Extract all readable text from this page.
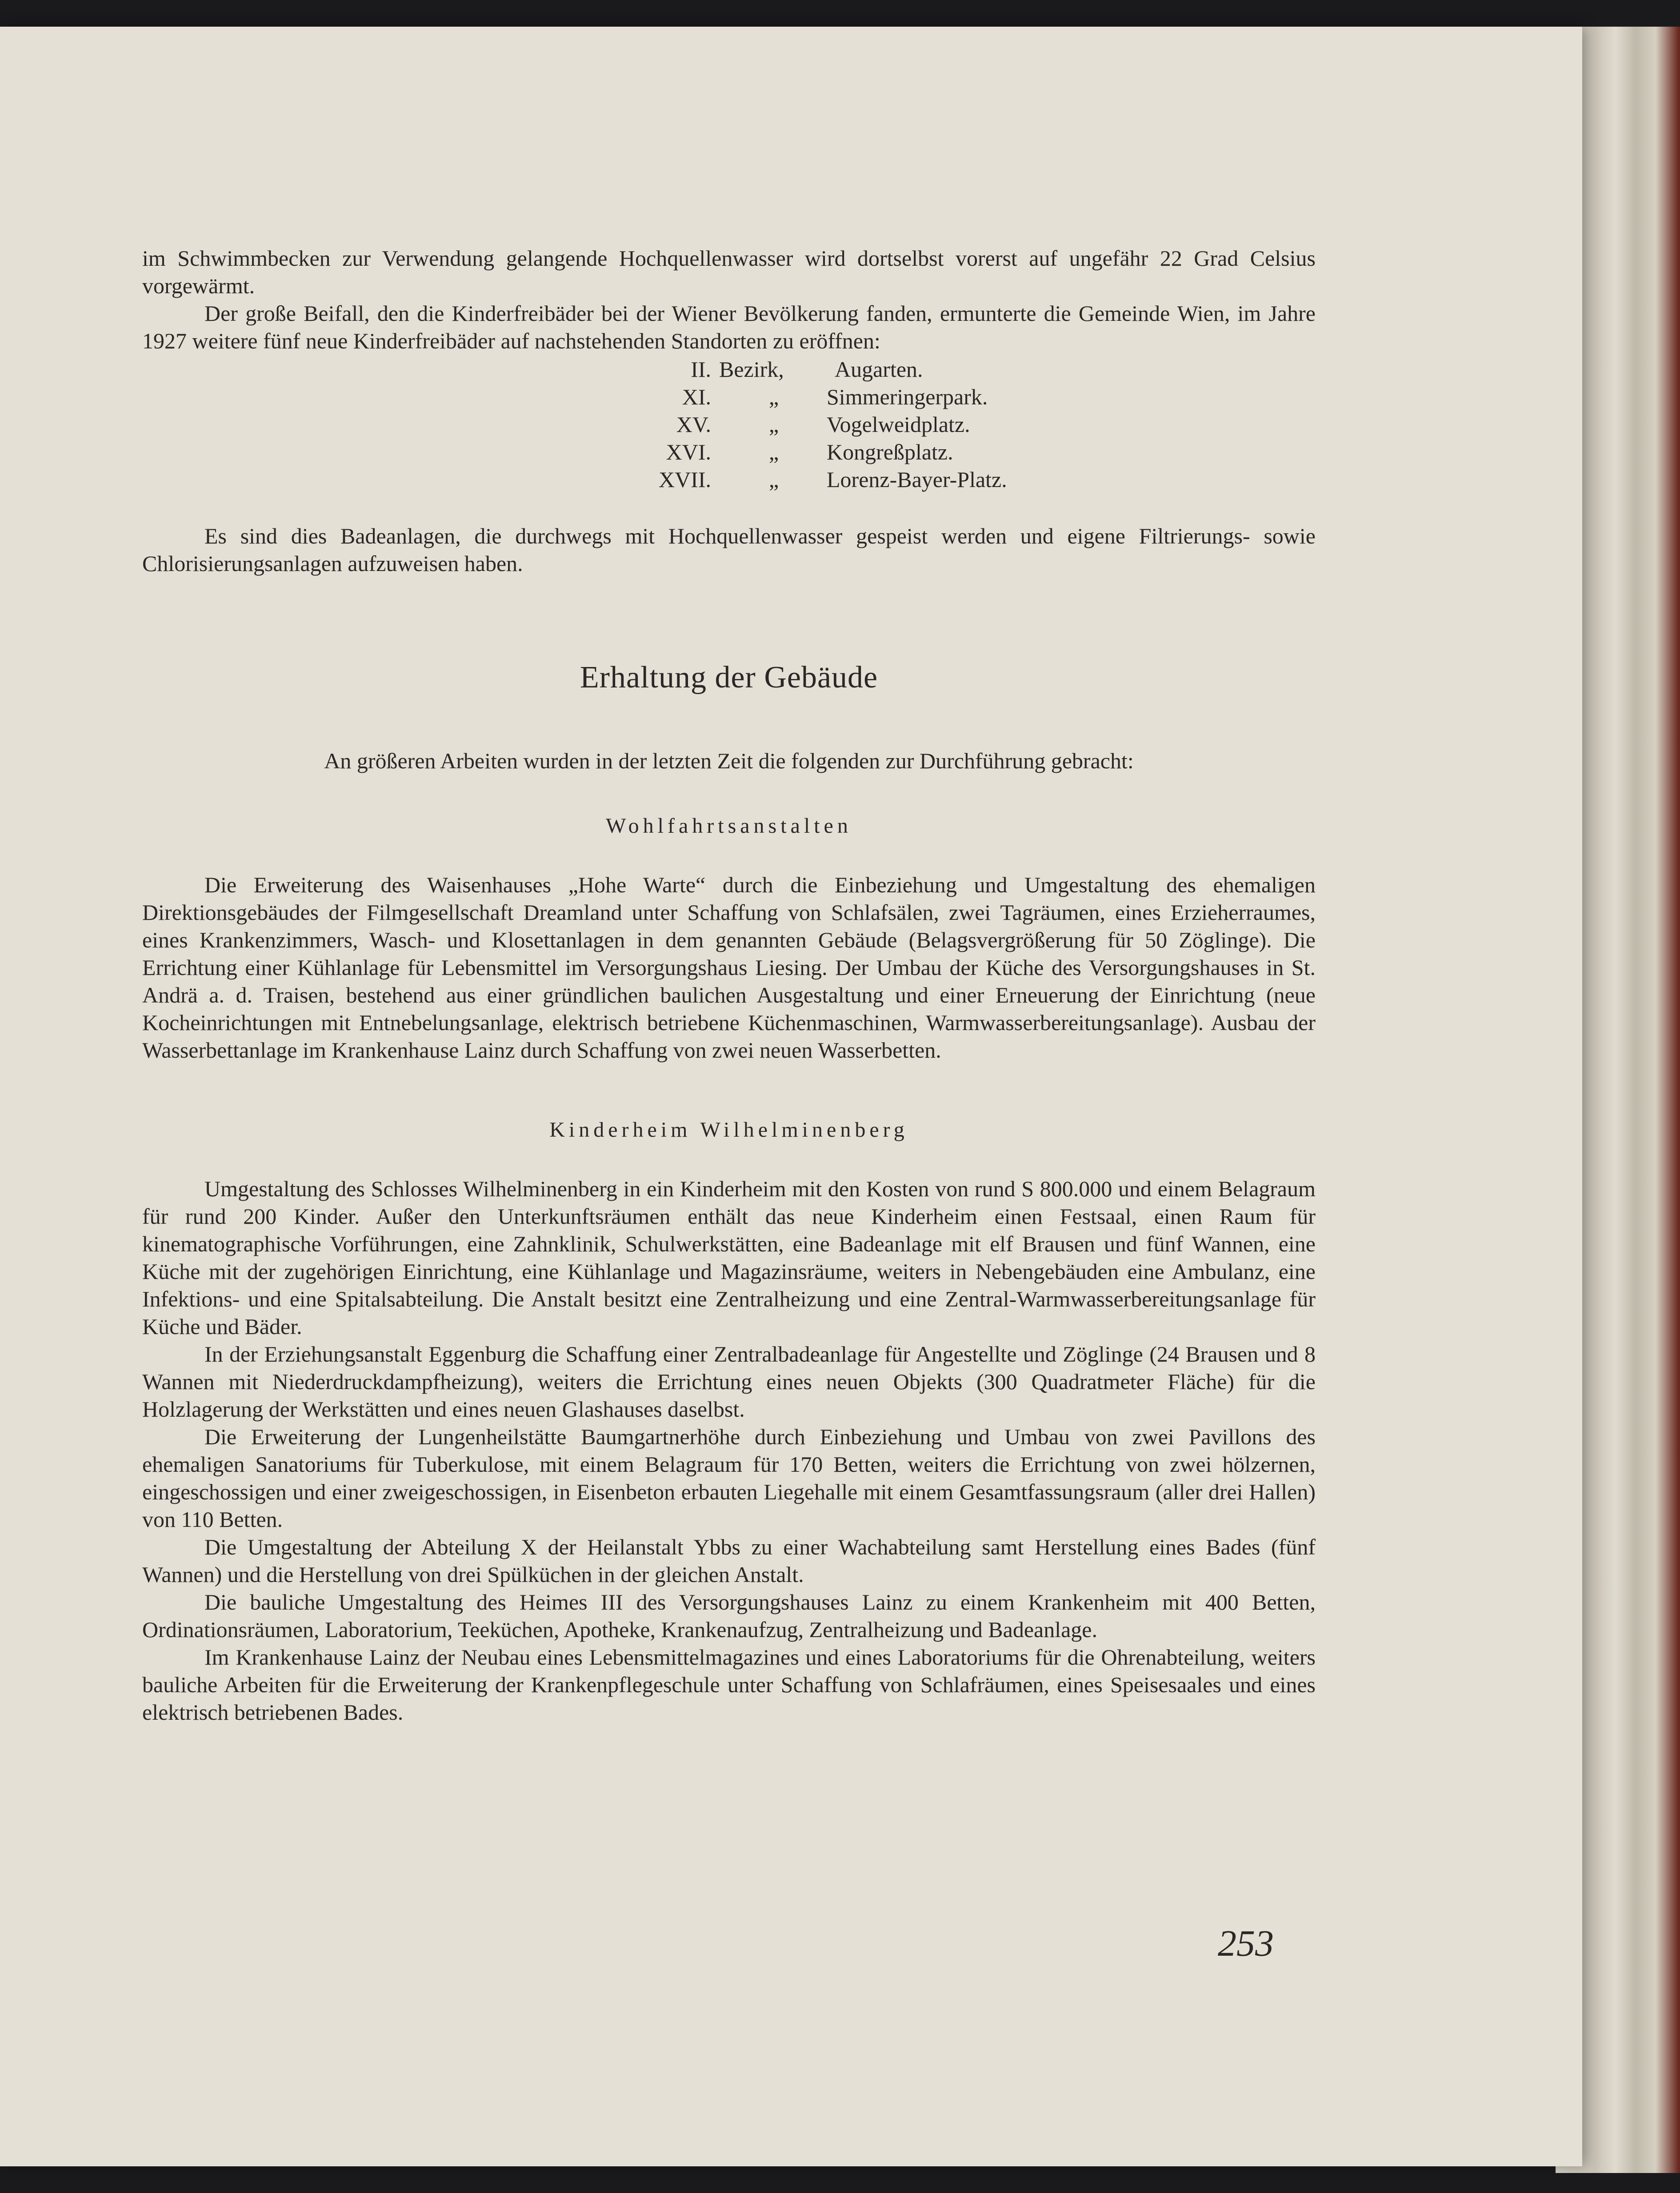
im Schwimmbecken zur Verwendung gelangende Hochquellenwasser wird dortselbst vorerst auf ungefähr 22 Grad Celsius vorgewärmt.

Der große Beifall, den die Kinderfreibäder bei der Wiener Bevölkerung fanden, ermunterte die Gemeinde Wien, im Jahre 1927 weitere fünf neue Kinderfreibäder auf nachstehenden Standorten zu eröffnen:

II. Bezirk,	Augarten.
XI.	„	Simmeringerpark.
XV.	„	Vogelweidplatz.
XVI.	„	Kongreßplatz.
XVII.	„	Lorenz-Bayer-Platz.

Es sind dies Badeanlagen, die durchwegs mit Hochquellenwasser gespeist werden und eigene Filtrierungs- sowie Chlorisierungsanlagen aufzuweisen haben.

Erhaltung der Gebäude

An größeren Arbeiten wurden in der letzten Zeit die folgenden zur Durchführung gebracht:

Wohlfahrtsanstalten

Die Erweiterung des Waisenhauses „Hohe Warte“ durch die Einbeziehung und Umgestaltung des ehemaligen Direktionsgebäudes der Filmgesellschaft Dreamland unter Schaffung von Schlafsälen, zwei Tagräumen, eines Erzieherraumes, eines Krankenzimmers, Wasch- und Klosettanlagen in dem genannten Gebäude (Belagsvergrößerung für 50 Zöglinge). Die Errichtung einer Kühlanlage für Lebensmittel im Versorgungshaus Liesing. Der Umbau der Küche des Versorgungshauses in St. Andrä a. d. Traisen, bestehend aus einer gründlichen baulichen Ausgestaltung und einer Erneuerung der Einrichtung (neue Kocheinrichtungen mit Entnebelungsanlage, elektrisch betriebene Küchenmaschinen, Warmwasserbereitungsanlage). Ausbau der Wasserbettanlage im Krankenhause Lainz durch Schaffung von zwei neuen Wasserbetten.

Kinderheim Wilhelminenberg

Umgestaltung des Schlosses Wilhelminenberg in ein Kinderheim mit den Kosten von rund S 800.000 und einem Belagraum für rund 200 Kinder. Außer den Unterkunftsräumen enthält das neue Kinderheim einen Festsaal, einen Raum für kinematographische Vorführungen, eine Zahnklinik, Schulwerkstätten, eine Badeanlage mit elf Brausen und fünf Wannen, eine Küche mit der zugehörigen Einrichtung, eine Kühlanlage und Magazinsräume, weiters in Nebengebäuden eine Ambulanz, eine Infektions- und eine Spitalsabteilung. Die Anstalt besitzt eine Zentralheizung und eine Zentral-Warmwasserbereitungsanlage für Küche und Bäder.

In der Erziehungsanstalt Eggenburg die Schaffung einer Zentralbadeanlage für Angestellte und Zöglinge (24 Brausen und 8 Wannen mit Niederdruckdampfheizung), weiters die Errichtung eines neuen Objekts (300 Quadratmeter Fläche) für die Holzlagerung der Werkstätten und eines neuen Glashauses daselbst.

Die Erweiterung der Lungenheilstätte Baumgartnerhöhe durch Einbeziehung und Umbau von zwei Pavillons des ehemaligen Sanatoriums für Tuberkulose, mit einem Belagraum für 170 Betten, weiters die Errichtung von zwei hölzernen, eingeschossigen und einer zweigeschossigen, in Eisenbeton erbauten Liegehalle mit einem Gesamtfassungsraum (aller drei Hallen) von 110 Betten.

Die Umgestaltung der Abteilung X der Heilanstalt Ybbs zu einer Wachabteilung samt Herstellung eines Bades (fünf Wannen) und die Herstellung von drei Spülküchen in der gleichen Anstalt.

Die bauliche Umgestaltung des Heimes III des Versorgungshauses Lainz zu einem Krankenheim mit 400 Betten, Ordinationsräumen, Laboratorium, Teeküchen, Apotheke, Krankenaufzug, Zentralheizung und Badeanlage.

Im Krankenhause Lainz der Neubau eines Lebensmittelmagazines und eines Laboratoriums für die Ohrenabteilung, weiters bauliche Arbeiten für die Erweiterung der Krankenpflegeschule unter Schaffung von Schlafräumen, eines Speisesaales und eines elektrisch betriebenen Bades.

253
